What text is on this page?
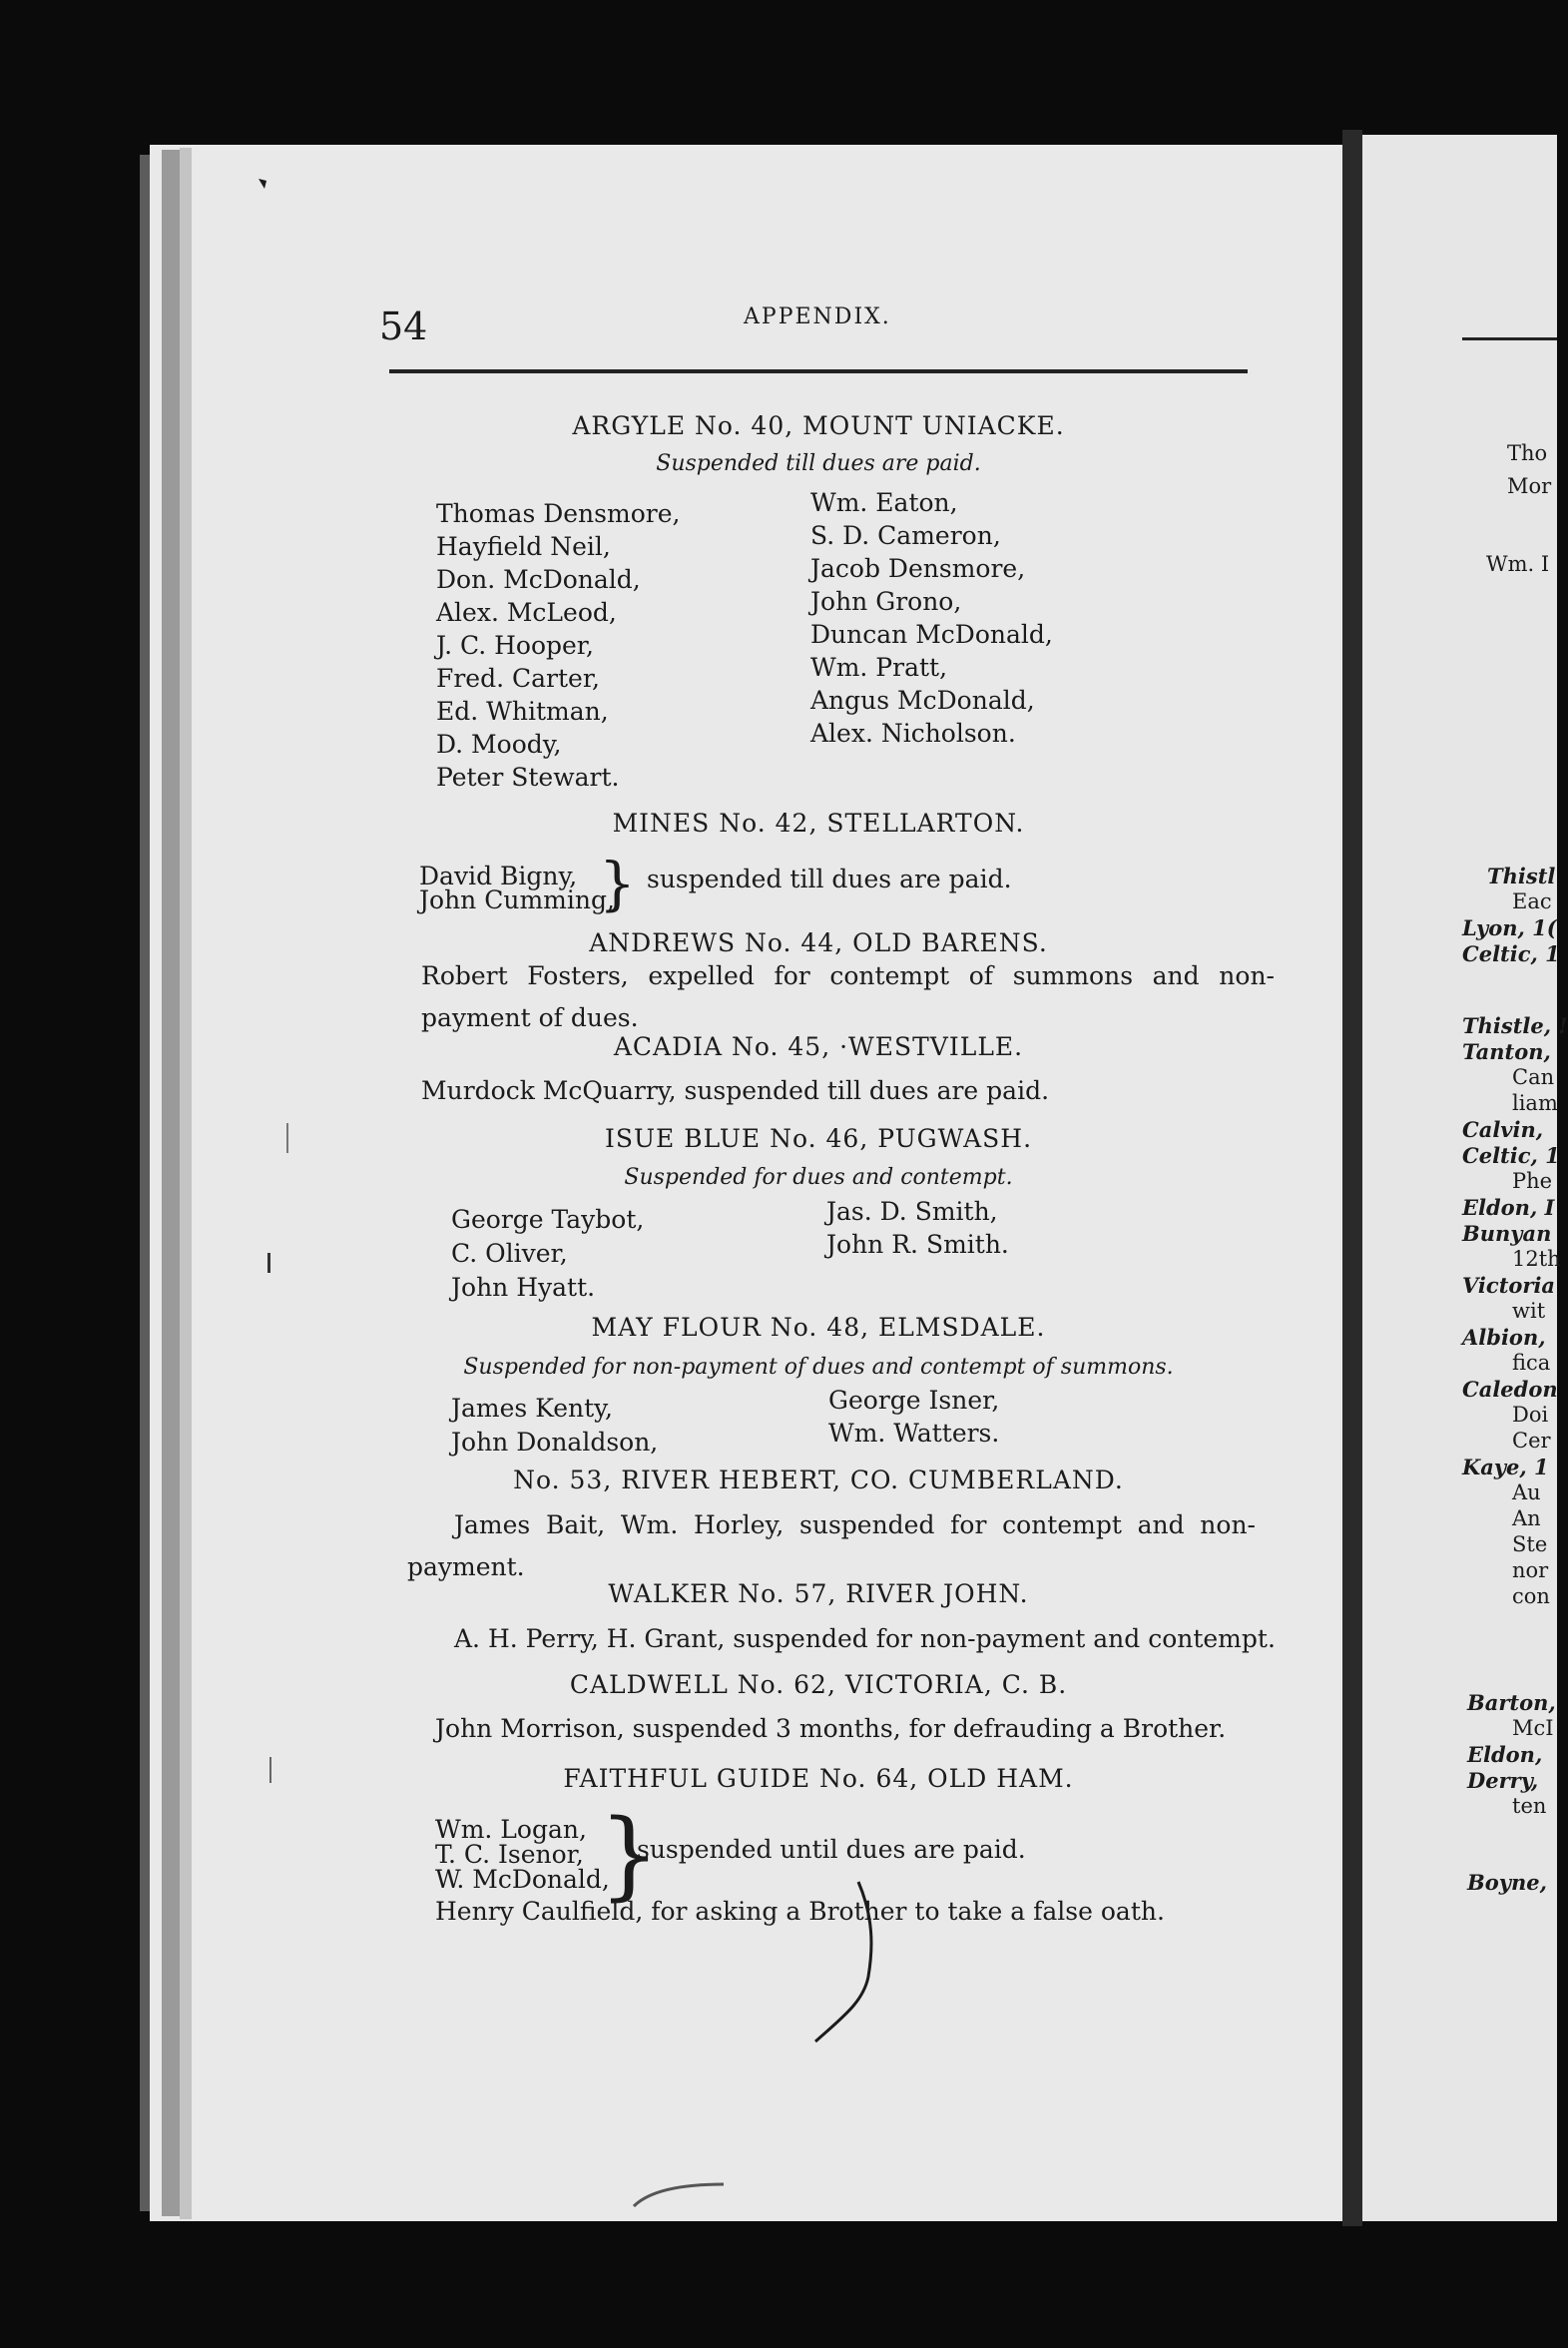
Tho
Mor
Wm. I
Thistl
Eac
Lyon, 1(
Celtic, 1
Thistle, !
Tanton,
Can
liam
Calvin,
Celtic, 1
Phe
Eldon, I
Bunyan
12th
Victoria
wit
Albion,
fica
Caledon
Doi
Cer
Kaye, 1
Au
An
Ste
nor
con
Barton,
McI
Eldon,
Derry,
ten
Boyne,
54	APPENDIX.
ARGYLE No. 40, MOUNT UNIACKE.
Suspended till dues are paid.
Thomas Densmore,
Hayfield Neil,
Don. McDonald,
Alex. McLeod,
J. C. Hooper,
Fred. Carter,
Ed. Whitman,
D. Moody,
Peter Stewart.
Wm. Eaton,
S. D. Cameron,
Jacob Densmore,
John Grono,
Duncan McDonald,
Wm. Pratt,
Angus McDonald,
Alex. Nicholson.
MINES No. 42, STELLARTON.
David Bigny,
John Cumming,
} suspended till dues are paid.
ANDREWS No. 44, OLD BARENS.
Robert Fosters, expelled for contempt of summons and non-payment of dues.
ACADIA No. 45, ·WESTVILLE.
Murdock McQuarry, suspended till dues are paid.
ISUE BLUE No. 46, PUGWASH.
Suspended for dues and contempt.
George Taybot,
C. Oliver,
John Hyatt.
Jas. D. Smith,
John R. Smith.
MAY FLOUR No. 48, ELMSDALE.
Suspended for non-payment of dues and contempt of summons.
James Kenty,
John Donaldson,
George Isner,
Wm. Watters.
No. 53, RIVER HEBERT, CO. CUMBERLAND.
James Bait, Wm. Horley, suspended for contempt and non-payment.
WALKER No. 57, RIVER JOHN.
A. H. Perry, H. Grant, suspended for non-payment and contempt.
CALDWELL No. 62, VICTORIA, C. B.
John Morrison, suspended 3 months, for defrauding a Brother.
FAITHFUL GUIDE No. 64, OLD HAM.
Wm. Logan,
T. C. Isenor,
W. McDonald,
}
suspended until dues are paid.
Henry Caulfield, for asking a Brother to take a false oath.
